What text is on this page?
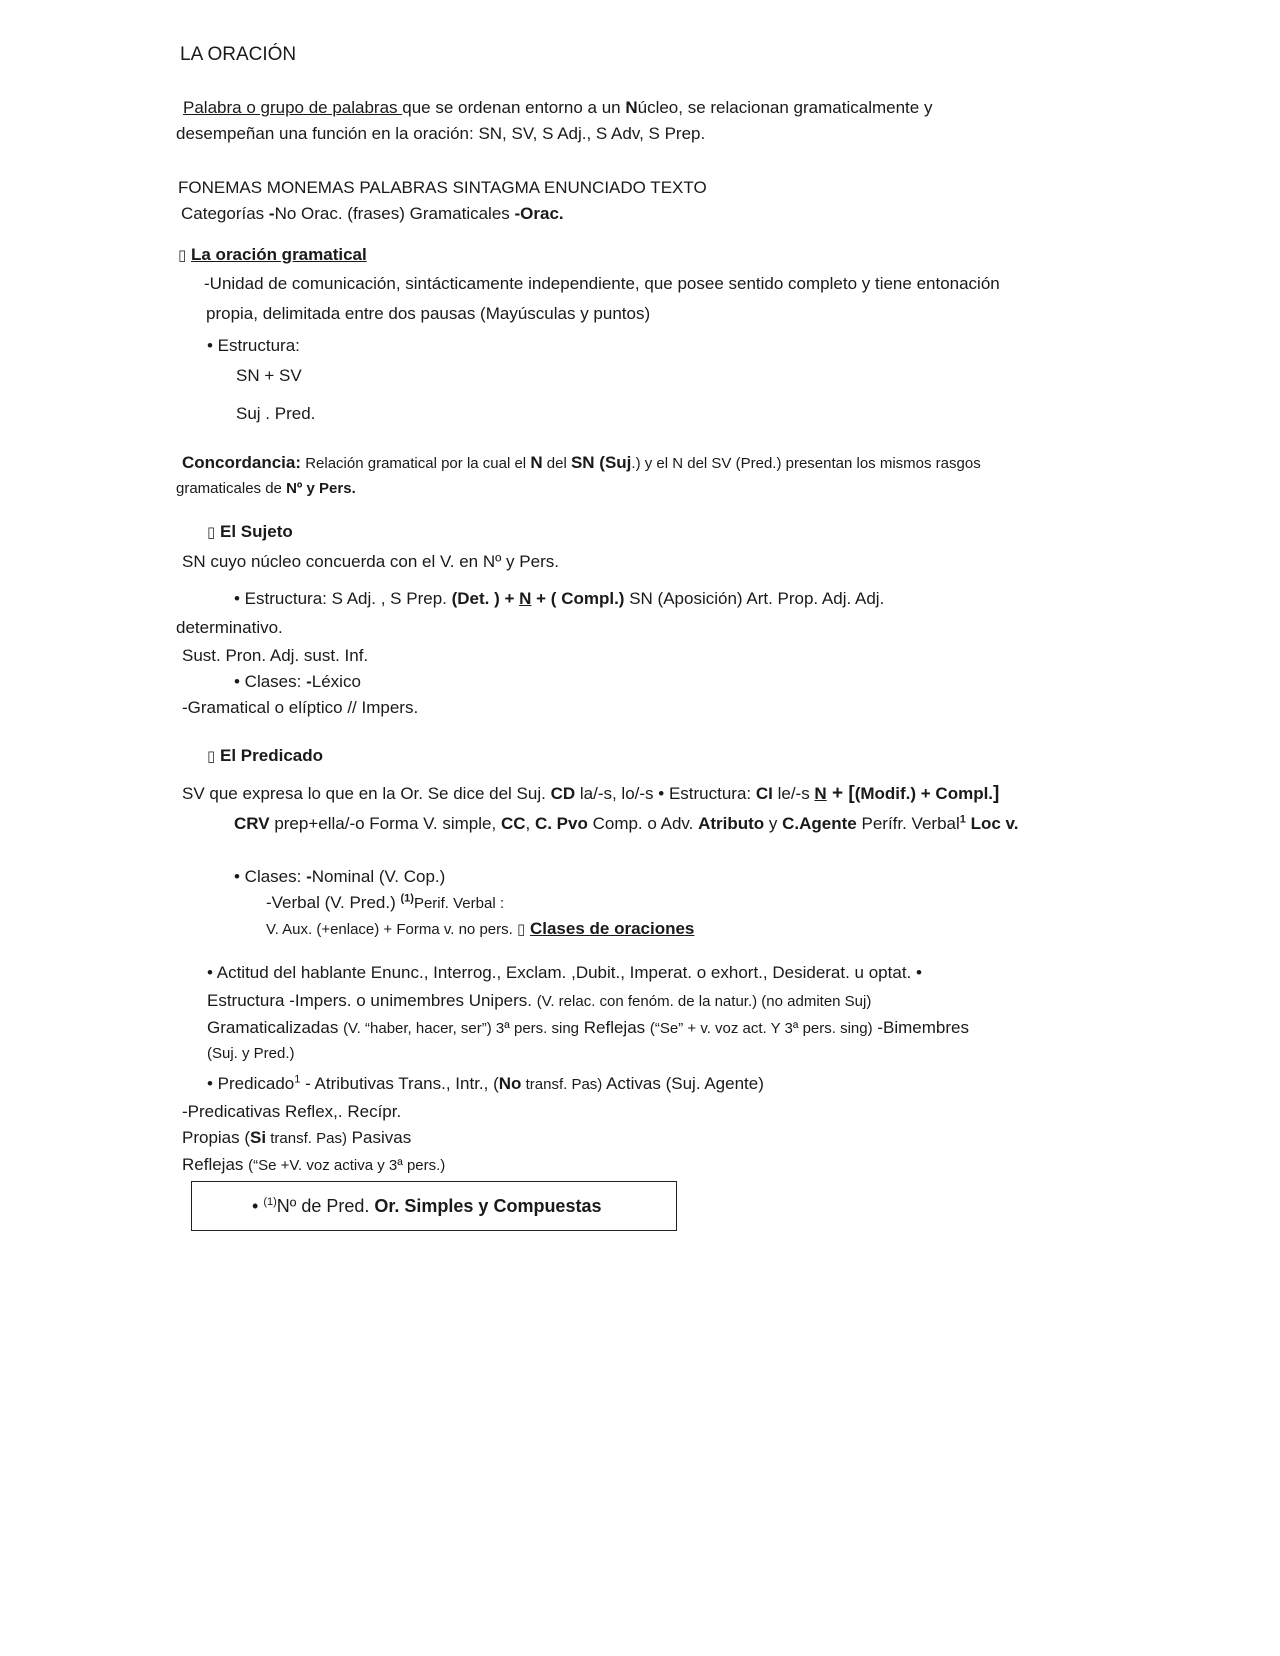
LA ORACIÓN
Palabra o grupo de palabras que se ordenan entorno a un Núcleo, se relacionan gramaticalmente y
desempeñan una función en la oración: SN, SV, S Adj., S Adv, S Prep.
FONEMAS MONEMAS PALABRAS SINTAGMA ENUNCIADO TEXTO
Categorías -No Orac. (frases) Gramaticales -Orac.
▯ La oración gramatical
-Unidad de comunicación, sintácticamente independiente, que posee sentido completo y tiene entonación
propia, delimitada entre dos pausas (Mayúsculas y puntos)
• Estructura:
SN + SV
Suj . Pred.
Concordancia: Relación gramatical por la cual el N del SN (Suj.) y el N del SV (Pred.) presentan los mismos rasgos
gramaticales de Nº y Pers.
▯ El Sujeto
SN cuyo núcleo concuerda con el V. en Nº y Pers.
• Estructura: S Adj. , S Prep. (Det. ) + N + ( Compl.) SN (Aposición) Art. Prop. Adj. Adj.
determinativo.
Sust. Pron. Adj. sust. Inf.
• Clases: -Léxico
-Gramatical o elíptico // Impers.
▯ El Predicado
SV que expresa lo que en la Or. Se dice del Suj. CD la/-s, lo/-s • Estructura: CI le/-s N + [(Modif.) + Compl.]
CRV prep+ella/-o Forma V. simple, CC, C. Pvo Comp. o Adv. Atributo y C.Agente Perífr. Verbal$^1$ Loc v.
• Clases: -Nominal (V. Cop.)
-Verbal (V. Pred.) $^{(1)}$Perif. Verbal :
V. Aux. (+enlace) + Forma v. no pers. ▯ Clases de oraciones
• Actitud del hablante Enunc., Interrog., Exclam. ,Dubit., Imperat. o exhort., Desiderat. u optat. •
Estructura -Impers. o unimembres Unipers. (V. relac. con fenóm. de la natur.) (no admiten Suj)
Gramaticalizadas (V. “haber, hacer, ser”) 3ª pers. sing Reflejas (“Se” + v. voz act. Y 3ª pers. sing) -Bimembres
(Suj. y Pred.)
• Predicado$^1$ - Atributivas Trans., Intr., (No transf. Pas) Activas (Suj. Agente)
-Predicativas Reflex,. Recípr.
Propias (Si transf. Pas) Pasivas
Reflejas (“Se +V. voz activa y 3ª pers.)
• $^{(1)}$Nº de Pred. Or. Simples y Compuestas
